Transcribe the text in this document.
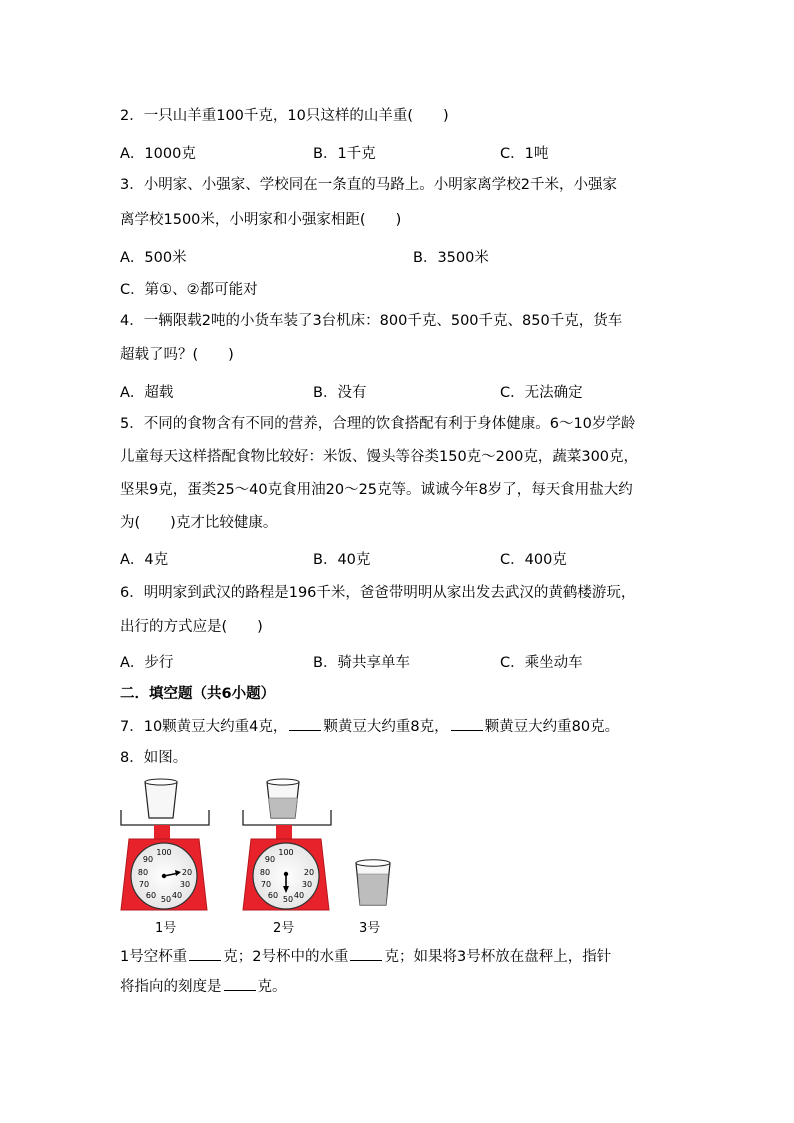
2．一只山羊重100千克，10只这样的山羊重( )
A．1000克	B．1千克	C．1吨
3．小明家、小强家、学校同在一条直的马路上。小明家离学校2千米，小强家
离学校1500米，小明家和小强家相距( )
A．500米	B．3500米
C．第①、②都可能对
4．一辆限载2吨的小货车装了3台机床：800千克、500千克、850千克，货车
超载了吗？( )
A．超载	B．没有	C．无法确定
5．不同的食物含有不同的营养，合理的饮食搭配有利于身体健康。6～10岁学龄
儿童每天这样搭配食物比较好：米饭、馒头等谷类150克～200克，蔬菜300克，
坚果9克，蛋类25～40克食用油20～25克等。诚诚今年8岁了，每天食用盐大约
为( )克才比较健康。
A．4克	B．40克	C．400克
6．明明家到武汉的路程是196千米，爸爸带明明从家出发去武汉的黄鹤楼游玩，
出行的方式应是( )
A．步行	B．骑共享单车	C．乘坐动车
二．填空题（共6小题）
7．10颗黄豆大约重4克， 颗黄豆大约重8克， 颗黄豆大约重80克。
8．如图。
100
20
30
40
50
60
70
80
90
100
20
30
40
50
60
70
80
90
1号	2号	3号
1号空杯重 克；2号杯中的水重 克；如果将3号杯放在盘秤上，指针
将指向的刻度是 克。
